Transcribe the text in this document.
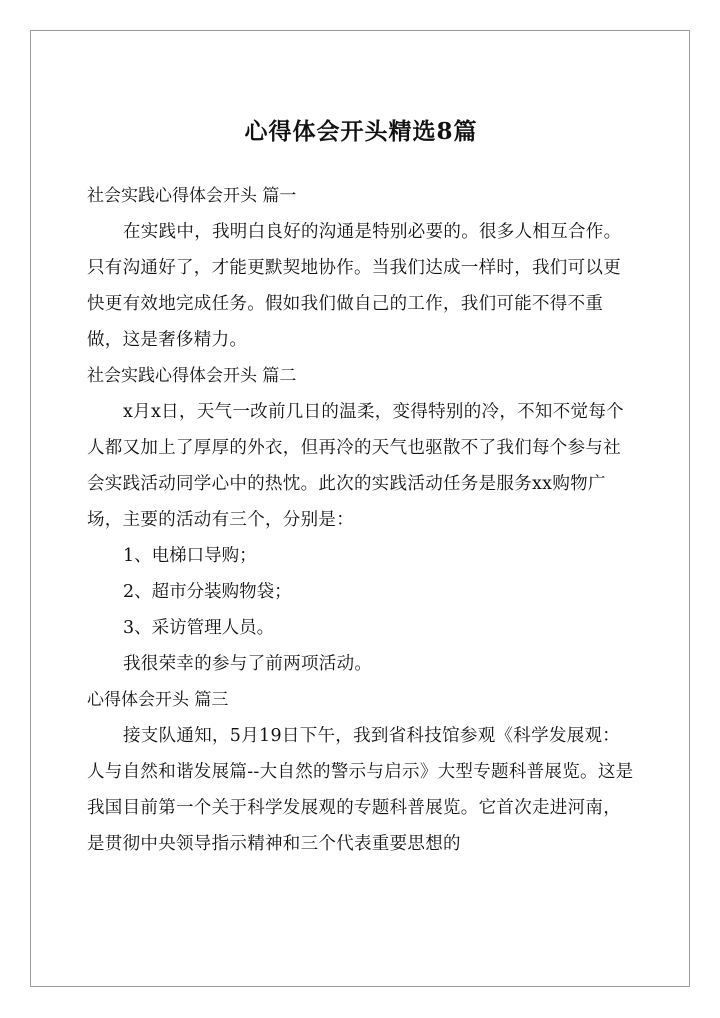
心得体会开头精选8篇
社会实践心得体会开头 篇一

在实践中，我明白良好的沟通是特别必要的。很多人相互合作。只有沟通好了，才能更默契地协作。当我们达成一样时，我们可以更快更有效地完成任务。假如我们做自己的工作，我们可能不得不重做，这是奢侈精力。

社会实践心得体会开头 篇二

x月x日，天气一改前几日的温柔，变得特别的冷，不知不觉每个人都又加上了厚厚的外衣，但再冷的天气也驱散不了我们每个参与社会实践活动同学心中的热忱。此次的实践活动任务是服务xx购物广场，主要的活动有三个，分别是：

1、电梯口导购；

2、超市分装购物袋；

3、采访管理人员。

我很荣幸的参与了前两项活动。

心得体会开头 篇三

接支队通知，5月19日下午，我到省科技馆参观《科学发展观：人与自然和谐发展篇--大自然的警示与启示》大型专题科普展览。这是我国目前第一个关于科学发展观的专题科普展览。它首次走进河南，是贯彻中央领导指示精神和三个代表重要思想的
